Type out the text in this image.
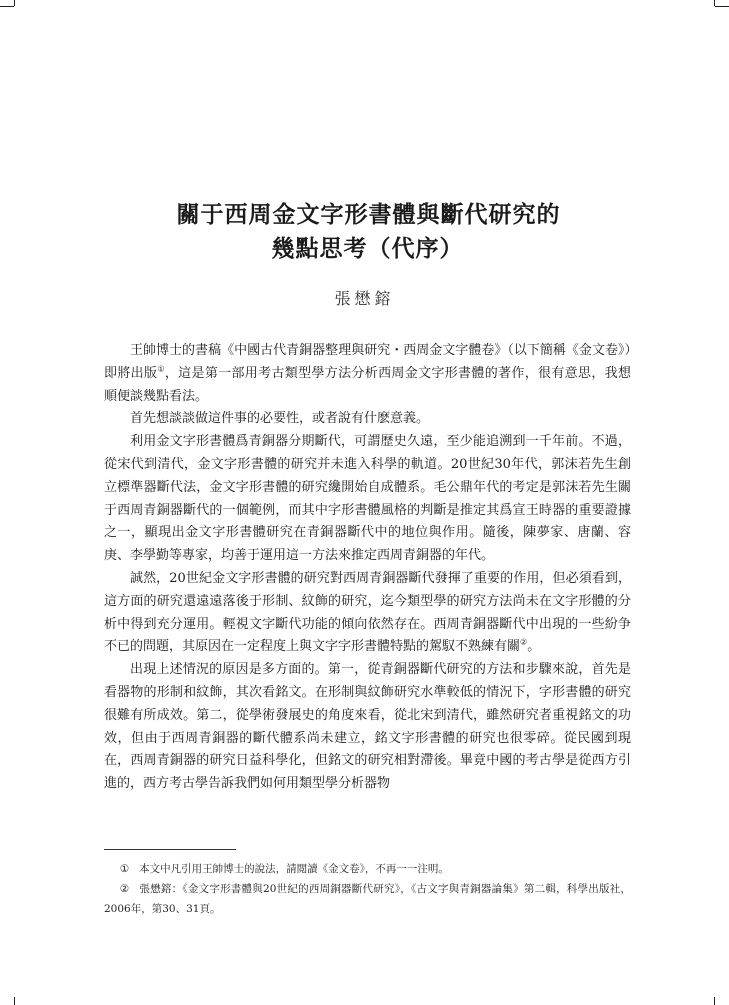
關于西周金文字形書體與斷代研究的
幾點思考（代序）
張懋鎔

王帥博士的書稿《中國古代青銅器整理與研究・西周金文字體卷》（以下簡稱《金文卷》）即將出版①，這是第一部用考古類型學方法分析西周金文字形書體的著作，很有意思，我想順便談幾點看法。

首先想談談做這件事的必要性，或者說有什麽意義。

利用金文字形書體爲青銅器分期斷代，可謂歷史久遠，至少能追溯到一千年前。不過，從宋代到清代，金文字形書體的研究并未進入科學的軌道。20世紀30年代，郭沫若先生創立標準器斷代法，金文字形書體的研究纔開始自成體系。毛公鼎年代的考定是郭沫若先生關于西周青銅器斷代的一個範例，而其中字形書體風格的判斷是推定其爲宣王時器的重要證據之一，顯現出金文字形書體研究在青銅器斷代中的地位與作用。隨後，陳夢家、唐蘭、容庚、李學勤等專家，均善于運用這一方法來推定西周青銅器的年代。

誠然，20世紀金文字形書體的研究對西周青銅器斷代發揮了重要的作用，但必須看到，這方面的研究還遠遠落後于形制、紋飾的研究，迄今類型學的研究方法尚未在文字形體的分析中得到充分運用。輕視文字斷代功能的傾向依然存在。西周青銅器斷代中出現的一些紛争不已的問題，其原因在一定程度上與文字字形書體特點的駕馭不熟練有關②。

出現上述情況的原因是多方面的。第一，從青銅器斷代研究的方法和步驟來說，首先是看器物的形制和紋飾，其次看銘文。在形制與紋飾研究水準較低的情況下，字形書體的研究很難有所成效。第二，從學術發展史的角度來看，從北宋到清代，雖然研究者重視銘文的功效，但由于西周青銅器的斷代體系尚未建立，銘文字形書體的研究也很零碎。從民國到現在，西周青銅器的研究日益科學化，但銘文的研究相對滯後。畢竟中國的考古學是從西方引進的，西方考古學告訴我們如何用類型學分析器物

① 本文中凡引用王帥博士的說法，請閲讀《金文卷》，不再一一注明。

② 張懋鎔：《金文字形書體與20世紀的西周銅器斷代研究》，《古文字與青銅器論集》第二輯，科學出版社，2006年，第30、31頁。
